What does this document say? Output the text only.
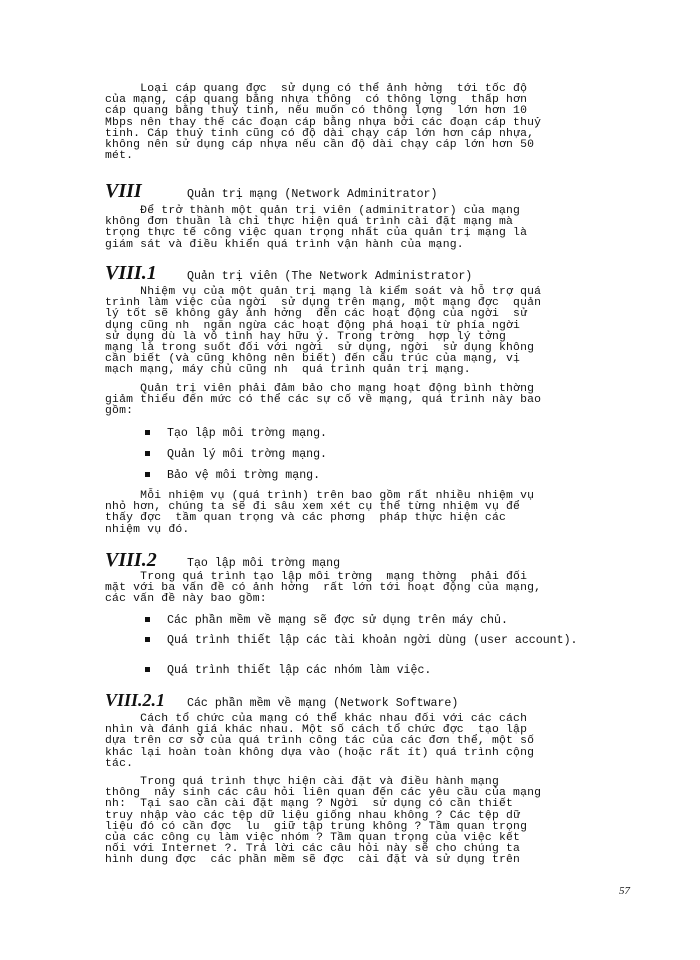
Loại cáp quang đợc  sử dụng có thể ảnh hởng  tới tốc độ
của mạng, cáp quang bằng nhựa thông  có thông lợng  thấp hơn
cáp quang bằng thuỷ tinh, nếu muốn có thông lợng  lớn hơn 10
Mbps nên thay thế các đoạn cáp bằng nhựa bởi các đoạn cáp thuỷ
tinh. Cáp thuỷ tinh cũng có độ dài chạy cáp lớn hơn cáp nhựa,
không nên sử dụng cáp nhựa nếu cần độ dài chạy cáp lớn hơn 50
mét.
VIII	Quản trị mạng (Network Adminitrator)
Để trở thành một quản trị viên (adminitrator) của mạng
không đơn thuần là chỉ thực hiện quá trình cài đặt mạng mà
trọng thực tế công việc quan trọng nhất của quản trị mạng là
giám sát và điều khiển quá trình vận hành của mạng.
VIII.1	Quản trị viên (The Network Administrator)
Nhiệm vụ của một quản trị mạng là kiểm soát và hỗ trợ quá
trình làm việc của ngời  sử dụng trên mạng, một mạng đợc  quản
lý tốt sẽ không gây ảnh hởng  đến các hoạt động của ngời  sử
dụng cũng nh  ngăn ngừa các hoạt động phá hoại từ phía ngời
sử dụng dù là vô tình hay hữu ý. Trong trờng  hợp lý tởng
mạng là trong suốt đối với ngời  sử dụng, ngời  sử dụng không
cần biết (và cũng không nên biết) đến cấu trúc của mạng, vị
mạch mạng, máy chủ cũng nh  quá trình quản trị mạng.
Quản trị viên phải đảm bảo cho mạng hoạt động bình thờng
giảm thiểu đến mức có thể các sự cố về mạng, quá trình này bao
gồm:
Tạo lập môi trờng mạng.
Quản lý môi trờng mạng.
Bảo vệ môi trờng mạng.
Mỗi nhiệm vụ (quá trình) trên bao gồm rất nhiều nhiệm vụ
nhỏ hơn, chúng ta sẽ đi sâu xem xét cụ thể từng nhiệm vụ để
thấy đợc  tầm quan trọng và các phơng  pháp thực hiện các
nhiệm vụ đó.
VIII.2	Tạo lập môi trờng mạng
Trong quá trình tạo lập môi trờng  mạng thờng  phải đối
mặt với ba vấn đề có ảnh hởng  rất lớn tới hoạt động của mạng,
các vấn đề này bao gồm:
Các phần mềm về mạng sẽ đợc sử dụng trên máy chủ.
Quá trình thiết lập các tài khoản ngời dùng (user account).
Quá trình thiết lập các nhóm làm việc.
VIII.2.1	Các phần mềm về mạng (Network Software)
Cách tổ chức của mạng có thể khác nhau đối với các cách
nhìn và đánh giá khác nhau. Một số cách tổ chức đợc  tạo lập
dựa trên cơ sở của quá trình công tác của các đơn thể, một số
khác lại hoàn toàn không dựa vào (hoặc rất ít) quá trình cộng
tác.
Trong quá trình thực hiện cài đặt và điều hành mạng
thông  nảy sinh các câu hỏi liên quan đến các yêu cầu của mạng
nh:  Tại sao cần cài đặt mạng ? Ngời  sử dụng có cần thiết
truy nhập vào các tệp dữ liệu giống nhau không ? Các tệp dữ
liệu đó có cần đợc  lu  giữ tập trung không ? Tầm quan trọng
của các công cụ làm việc nhóm ? Tầm quan trọng của việc kết
nối với Internet ?. Trả lời các câu hỏi này sẽ cho chúng ta
hình dung đợc  các phần mềm sẽ đợc  cài đặt và sử dụng trên
57
